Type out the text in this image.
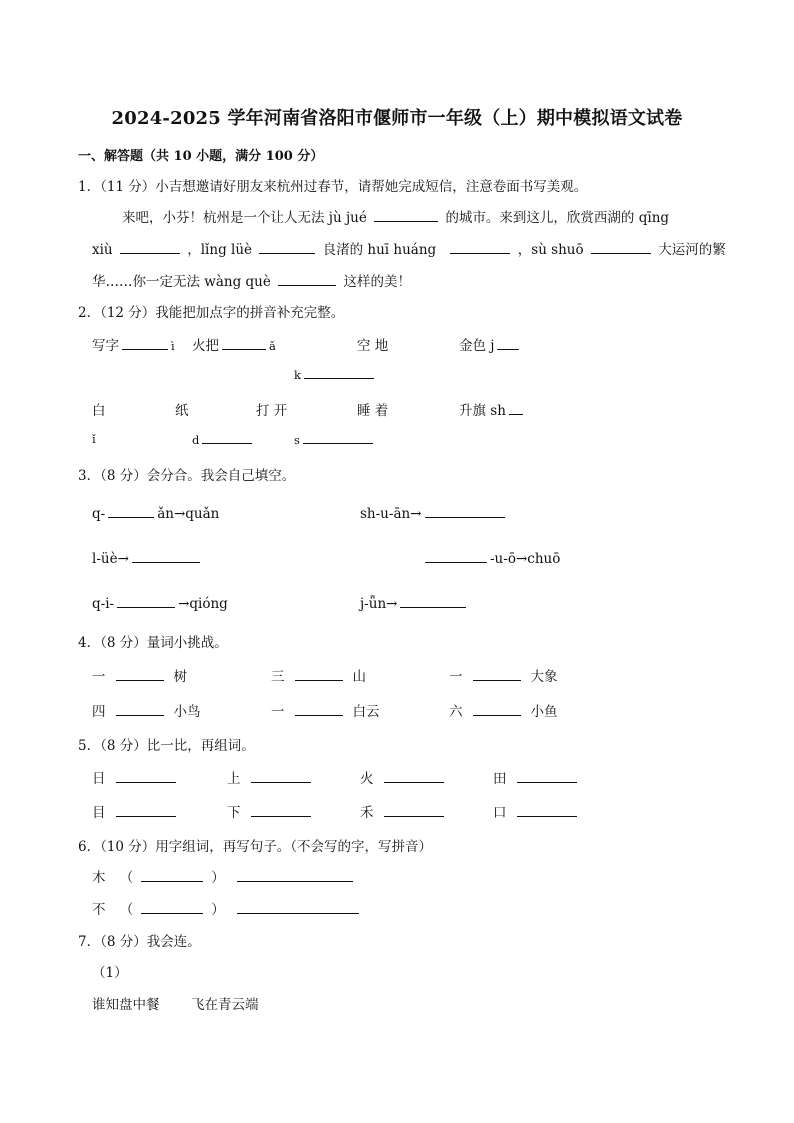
2024-2025 学年河南省洛阳市偃师市一年级（上）期中模拟语文试卷
一、解答题（共 10 小题，满分 100 分）
1．（11 分）小吉想邀请好朋友来杭州过春节，请帮她完成短信，注意卷面书写美观。
来吧，小芬！杭州是一个让人无法 jù jué	的城市。来到这儿，欣赏西湖的 qīng
xiù	，lǐng lüè	良渚的 huī huáng	，sù shuō	大运河的繁
华……你一定无法 wàng què	这样的美！
2．（12 分）我能把加点字的拼音补充完整。
写字	ì 火把	ǎ	空 地	金色 j
k
白	纸	打 开	睡 着	升旗 sh
ǐ	d	s
3．（8 分）会分合。我会自己填空。
q-	ǎn→quǎn	sh-u-ān→
l-üè→	-u-ō→chuō
q-i-	→qióng	j-ǖn→
4．（8 分）量词小挑战。
一	树	三	山	一	大象
四	小鸟	一	白云	六	小鱼
5．（8 分）比一比，再组词。
日	上	火	田
目	下	禾	口
6．（10 分）用字组词，再写句子。（不会写的字，写拼音）
木 （	）
不 （	）
7．（8 分）我会连。
（1）
谁知盘中餐 飞在青云端
